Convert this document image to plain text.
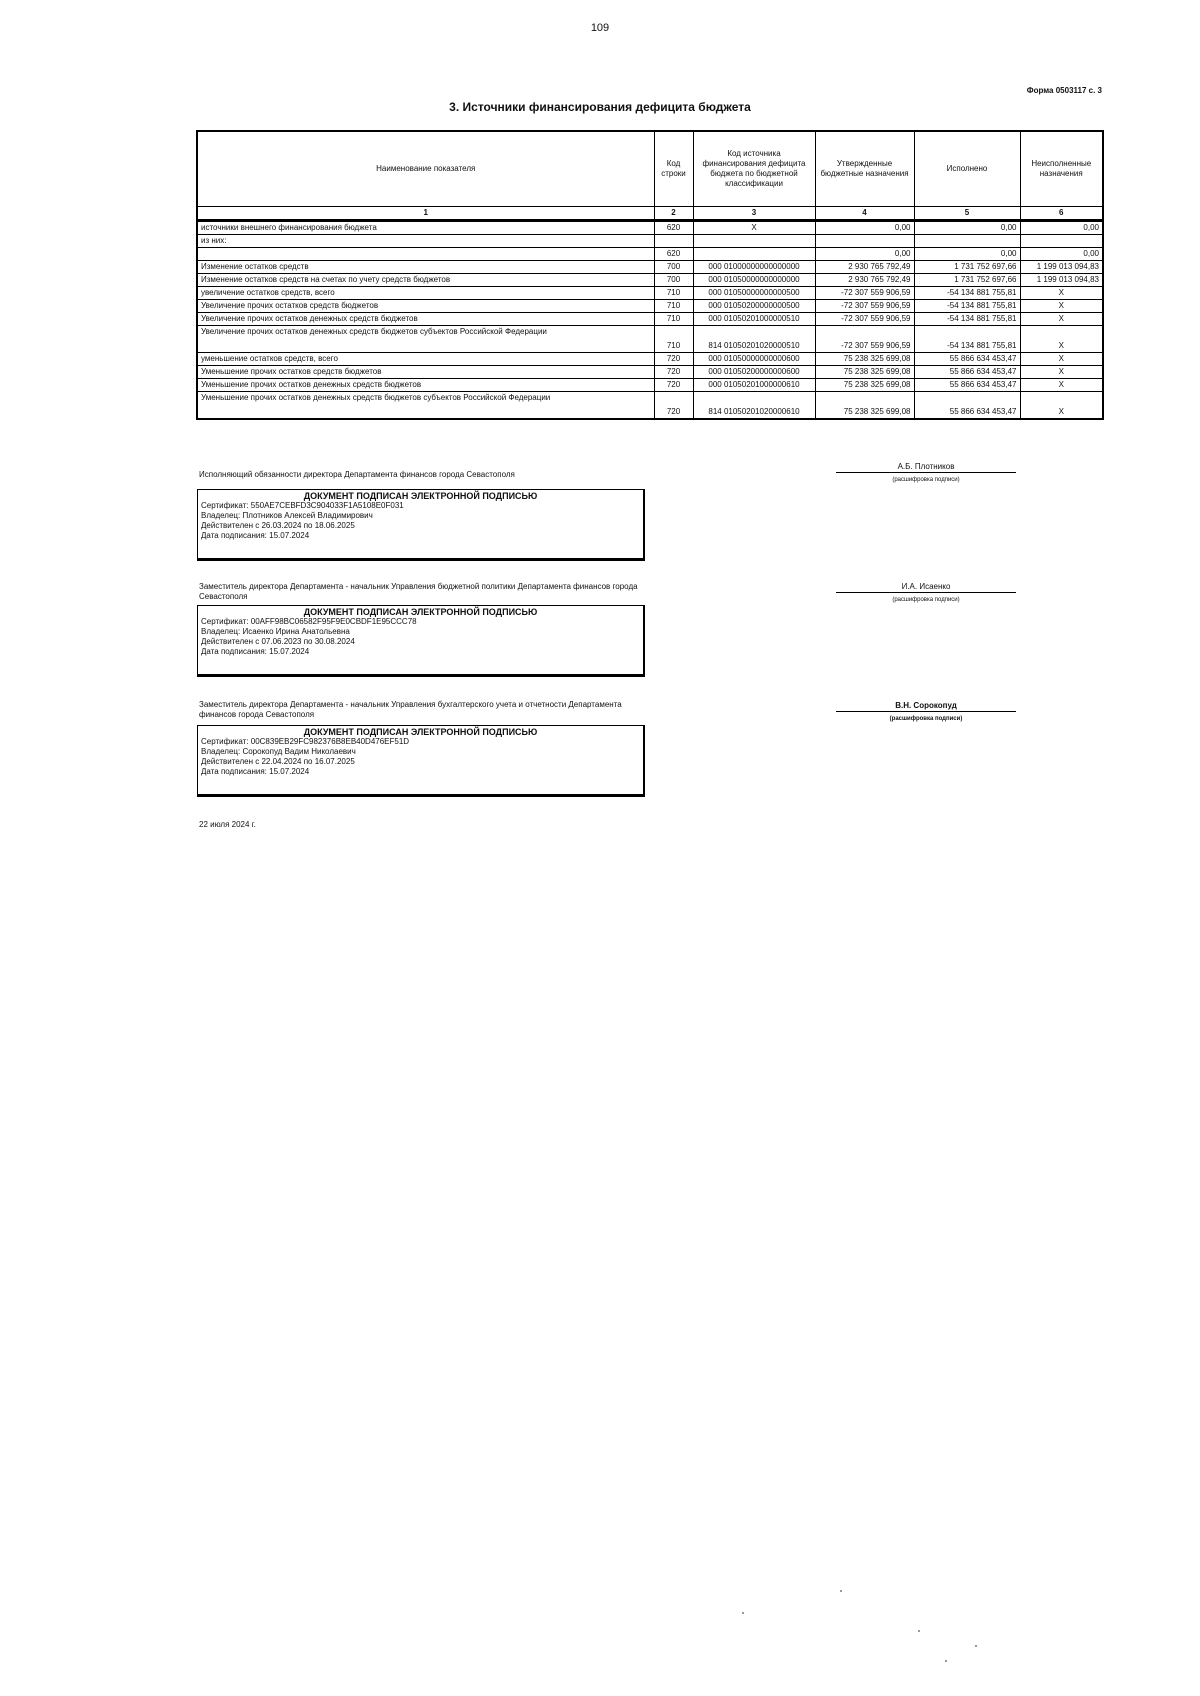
109
Форма 0503117 с. 3
3. Источники финансирования дефицита бюджета
Наименование показателя	Код строки	Код источника финансирования дефицита бюджета по бюджетной классификации	Утвержденные бюджетные назначения	Исполнено	Неисполненные назначения
1	2	3	4	5	6
источники внешнего финансирования бюджета	620	X	0,00	0,00	0,00
из них:					
	620		0,00	0,00	0,00
Изменение остатков средств	700	000 01000000000000000	2 930 765 792,49	1 731 752 697,66	1 199 013 094,83
Изменение остатков средств на счетах по учету средств бюджетов	700	000 01050000000000000	2 930 765 792,49	1 731 752 697,66	1 199 013 094,83
увеличение остатков средств, всего	710	000 01050000000000500	-72 307 559 906,59	-54 134 881 755,81	X
Увеличение прочих остатков средств бюджетов	710	000 01050200000000500	-72 307 559 906,59	-54 134 881 755,81	X
Увеличение прочих остатков денежных средств бюджетов	710	000 01050201000000510	-72 307 559 906,59	-54 134 881 755,81	X
Увеличение прочих остатков денежных средств бюджетов субъектов Российской Федерации	710	814 01050201020000510	-72 307 559 906,59	-54 134 881 755,81	X
уменьшение остатков средств, всего	720	000 01050000000000600	75 238 325 699,08	55 866 634 453,47	X
Уменьшение прочих остатков средств бюджетов	720	000 01050200000000600	75 238 325 699,08	55 866 634 453,47	X
Уменьшение прочих остатков денежных средств бюджетов	720	000 01050201000000610	75 238 325 699,08	55 866 634 453,47	X
Уменьшение прочих остатков денежных средств бюджетов субъектов Российской Федерации	720	814 01050201020000610	75 238 325 699,08	55 866 634 453,47	X
Исполняющий обязанности директора Департамента финансов города Севастополя
ДОКУМЕНТ ПОДПИСАН ЭЛЕКТРОННОЙ ПОДПИСЬЮ
Сертификат: 550AE7CEBFD3C904033F1A5108E0F031
Владелец: Плотников Алексей Владимирович
Действителен с 26.03.2024 по 18.06.2025
Дата подписания: 15.07.2024
А.Б. Плотников
(расшифровка подписи)
Заместитель директора Департамента - начальник Управления бюджетной политики Департамента финансов города Севастополя
ДОКУМЕНТ ПОДПИСАН ЭЛЕКТРОННОЙ ПОДПИСЬЮ
Сертификат: 00AFF98BC06582F95F9E0CBDF1E95CCC78
Владелец: Исаенко Ирина Анатольевна
Действителен с 07.06.2023 по 30.08.2024
Дата подписания: 15.07.2024
И.А. Исаенко
(расшифровка подписи)
Заместитель директора Департамента - начальник Управления бухгалтерского учета и отчетности Департамента финансов города Севастополя
ДОКУМЕНТ ПОДПИСАН ЭЛЕКТРОННОЙ ПОДПИСЬЮ
Сертификат: 00C839EB29FC982376B8EB40D476EF51D
Владелец: Сорокопуд Вадим Николаевич
Действителен с 22.04.2024 по 16.07.2025
Дата подписания: 15.07.2024
В.Н. Сорокопуд
(расшифровка подписи)
22 июля 2024 г.
